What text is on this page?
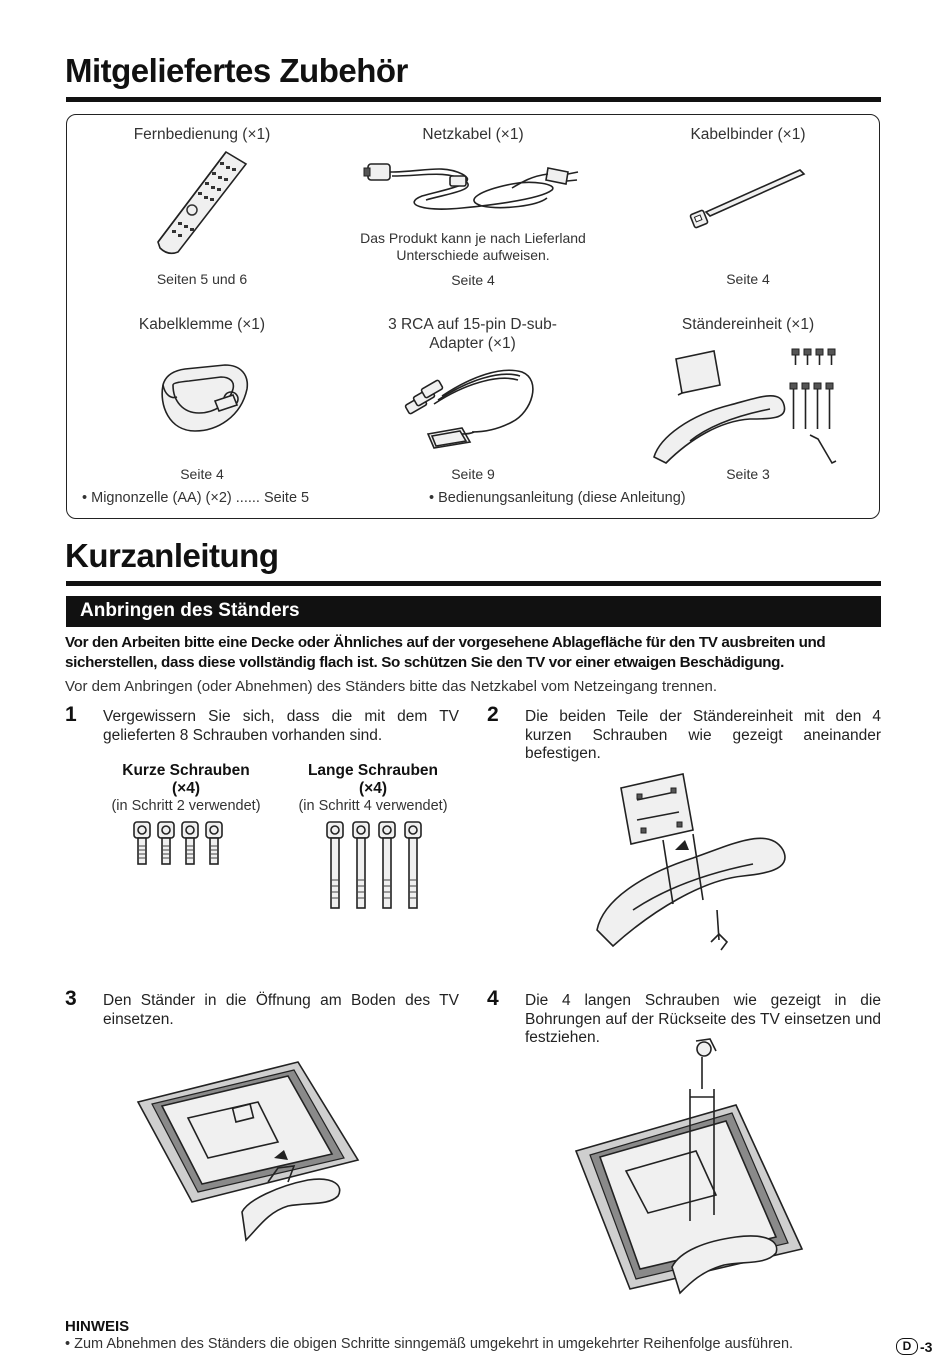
Mitgeliefertes Zubehör
Fernbedienung (×1)	Netzkabel (×1)	Kabelbinder (×1)
Das Produkt kann je nach Lieferland Unterschiede aufweisen.
Seiten 5 und 6	Seite 4	Seite 4
Kabelklemme (×1)	3 RCA auf 15-pin D-sub-Adapter (×1)
Ständereinheit (×1)
Seite 4	Seite 9	Seite 3
• Mignonzelle (AA) (×2) ...... Seite 5	• Bedienungsanleitung (diese Anleitung)
Kurzanleitung
Anbringen des Ständers
Vor den Arbeiten bitte eine Decke oder Ähnliches auf der vorgesehene Ablagefläche für den TV ausbreiten und sicherstellen, dass diese vollständig flach ist. So schützen Sie den TV vor einer etwaigen Beschädigung.
Vor dem Anbringen (oder Abnehmen) des Ständers bitte das Netzkabel vom Netzeingang trennen.
1 Vergewissern Sie sich, dass die mit dem TV gelieferten 8 Schrauben vorhanden sind.
Kurze Schrauben
(×4)
(in Schritt 2 verwendet)
Lange Schrauben
(×4)
(in Schritt 4 verwendet)
2 Die beiden Teile der Ständereinheit mit den 4 kurzen Schrauben wie gezeigt aneinander befestigen.
3 Den Ständer in die Öffnung am Boden des TV einsetzen.
4 Die 4 langen Schrauben wie gezeigt in die Bohrungen auf der Rückseite des TV einsetzen und festziehen.
HINWEIS
• Zum Abnehmen des Ständers die obigen Schritte sinngemäß umgekehrt in umgekehrter Reihenfolge ausführen.	D -3
